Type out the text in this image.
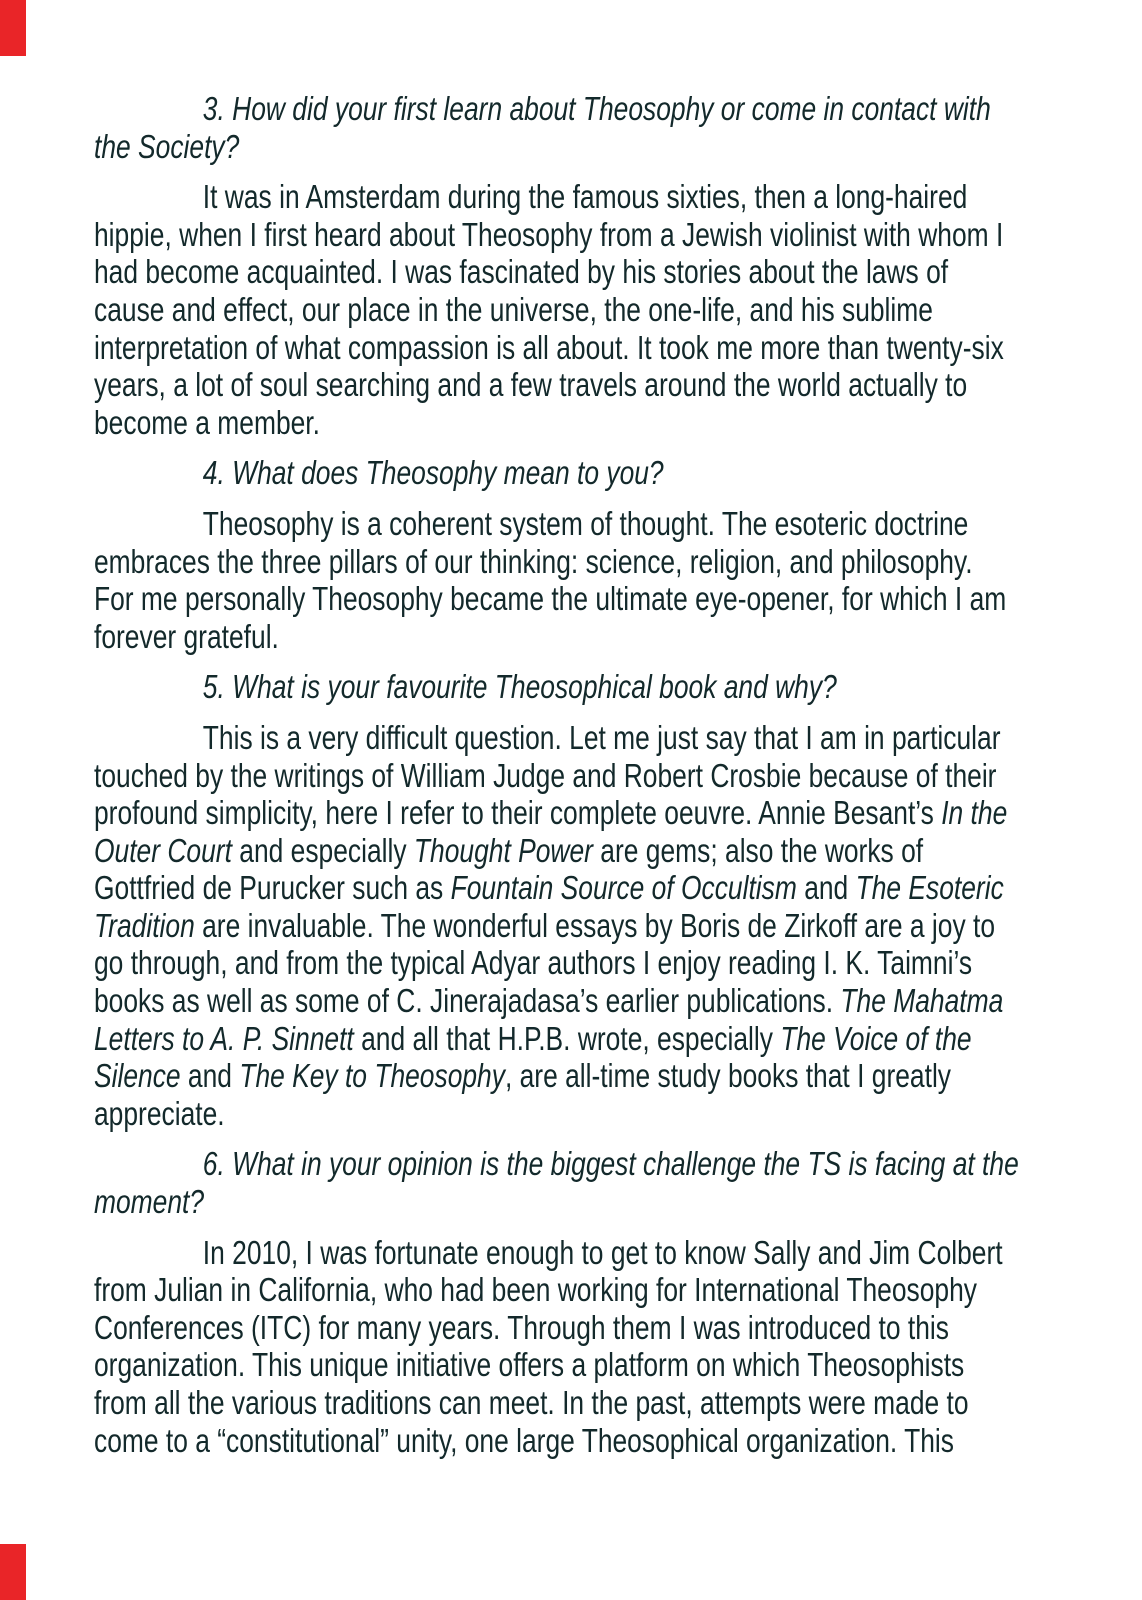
3. How did your first learn about Theosophy or come in contact with
the Society?
It was in Amsterdam during the famous sixties, then a long-haired
hippie, when I first heard about Theosophy from a Jewish violinist with whom I
had become acquainted. I was fascinated by his stories about the laws of
cause and effect, our place in the universe, the one-life, and his sublime
interpretation of what compassion is all about. It took me more than twenty-six
years, a lot of soul searching and a few travels around the world actually to
become a member.
4. What does Theosophy mean to you?
Theosophy is a coherent system of thought. The esoteric doctrine
embraces the three pillars of our thinking: science, religion, and philosophy.
For me personally Theosophy became the ultimate eye-opener, for which I am
forever grateful.
5. What is your favourite Theosophical book and why?
This is a very difficult question. Let me just say that I am in particular
touched by the writings of William Judge and Robert Crosbie because of their
profound simplicity, here I refer to their complete oeuvre. Annie Besant’s In the
Outer Court and especially Thought Power are gems; also the works of
Gottfried de Purucker such as Fountain Source of Occultism and The Esoteric
Tradition are invaluable. The wonderful essays by Boris de Zirkoff are a joy to
go through, and from the typical Adyar authors I enjoy reading I. K. Taimni’s
books as well as some of C. Jinerajadasa’s earlier publications. The Mahatma
Letters to A. P. Sinnett and all that H.P.B. wrote, especially The Voice of the
Silence and The Key to Theosophy, are all-time study books that I greatly
appreciate.
6. What in your opinion is the biggest challenge the TS is facing at the
moment?
In 2010, I was fortunate enough to get to know Sally and Jim Colbert
from Julian in California, who had been working for International Theosophy
Conferences (ITC) for many years. Through them I was introduced to this
organization. This unique initiative offers a platform on which Theosophists
from all the various traditions can meet. In the past, attempts were made to
come to a “constitutional” unity, one large Theosophical organization. This
